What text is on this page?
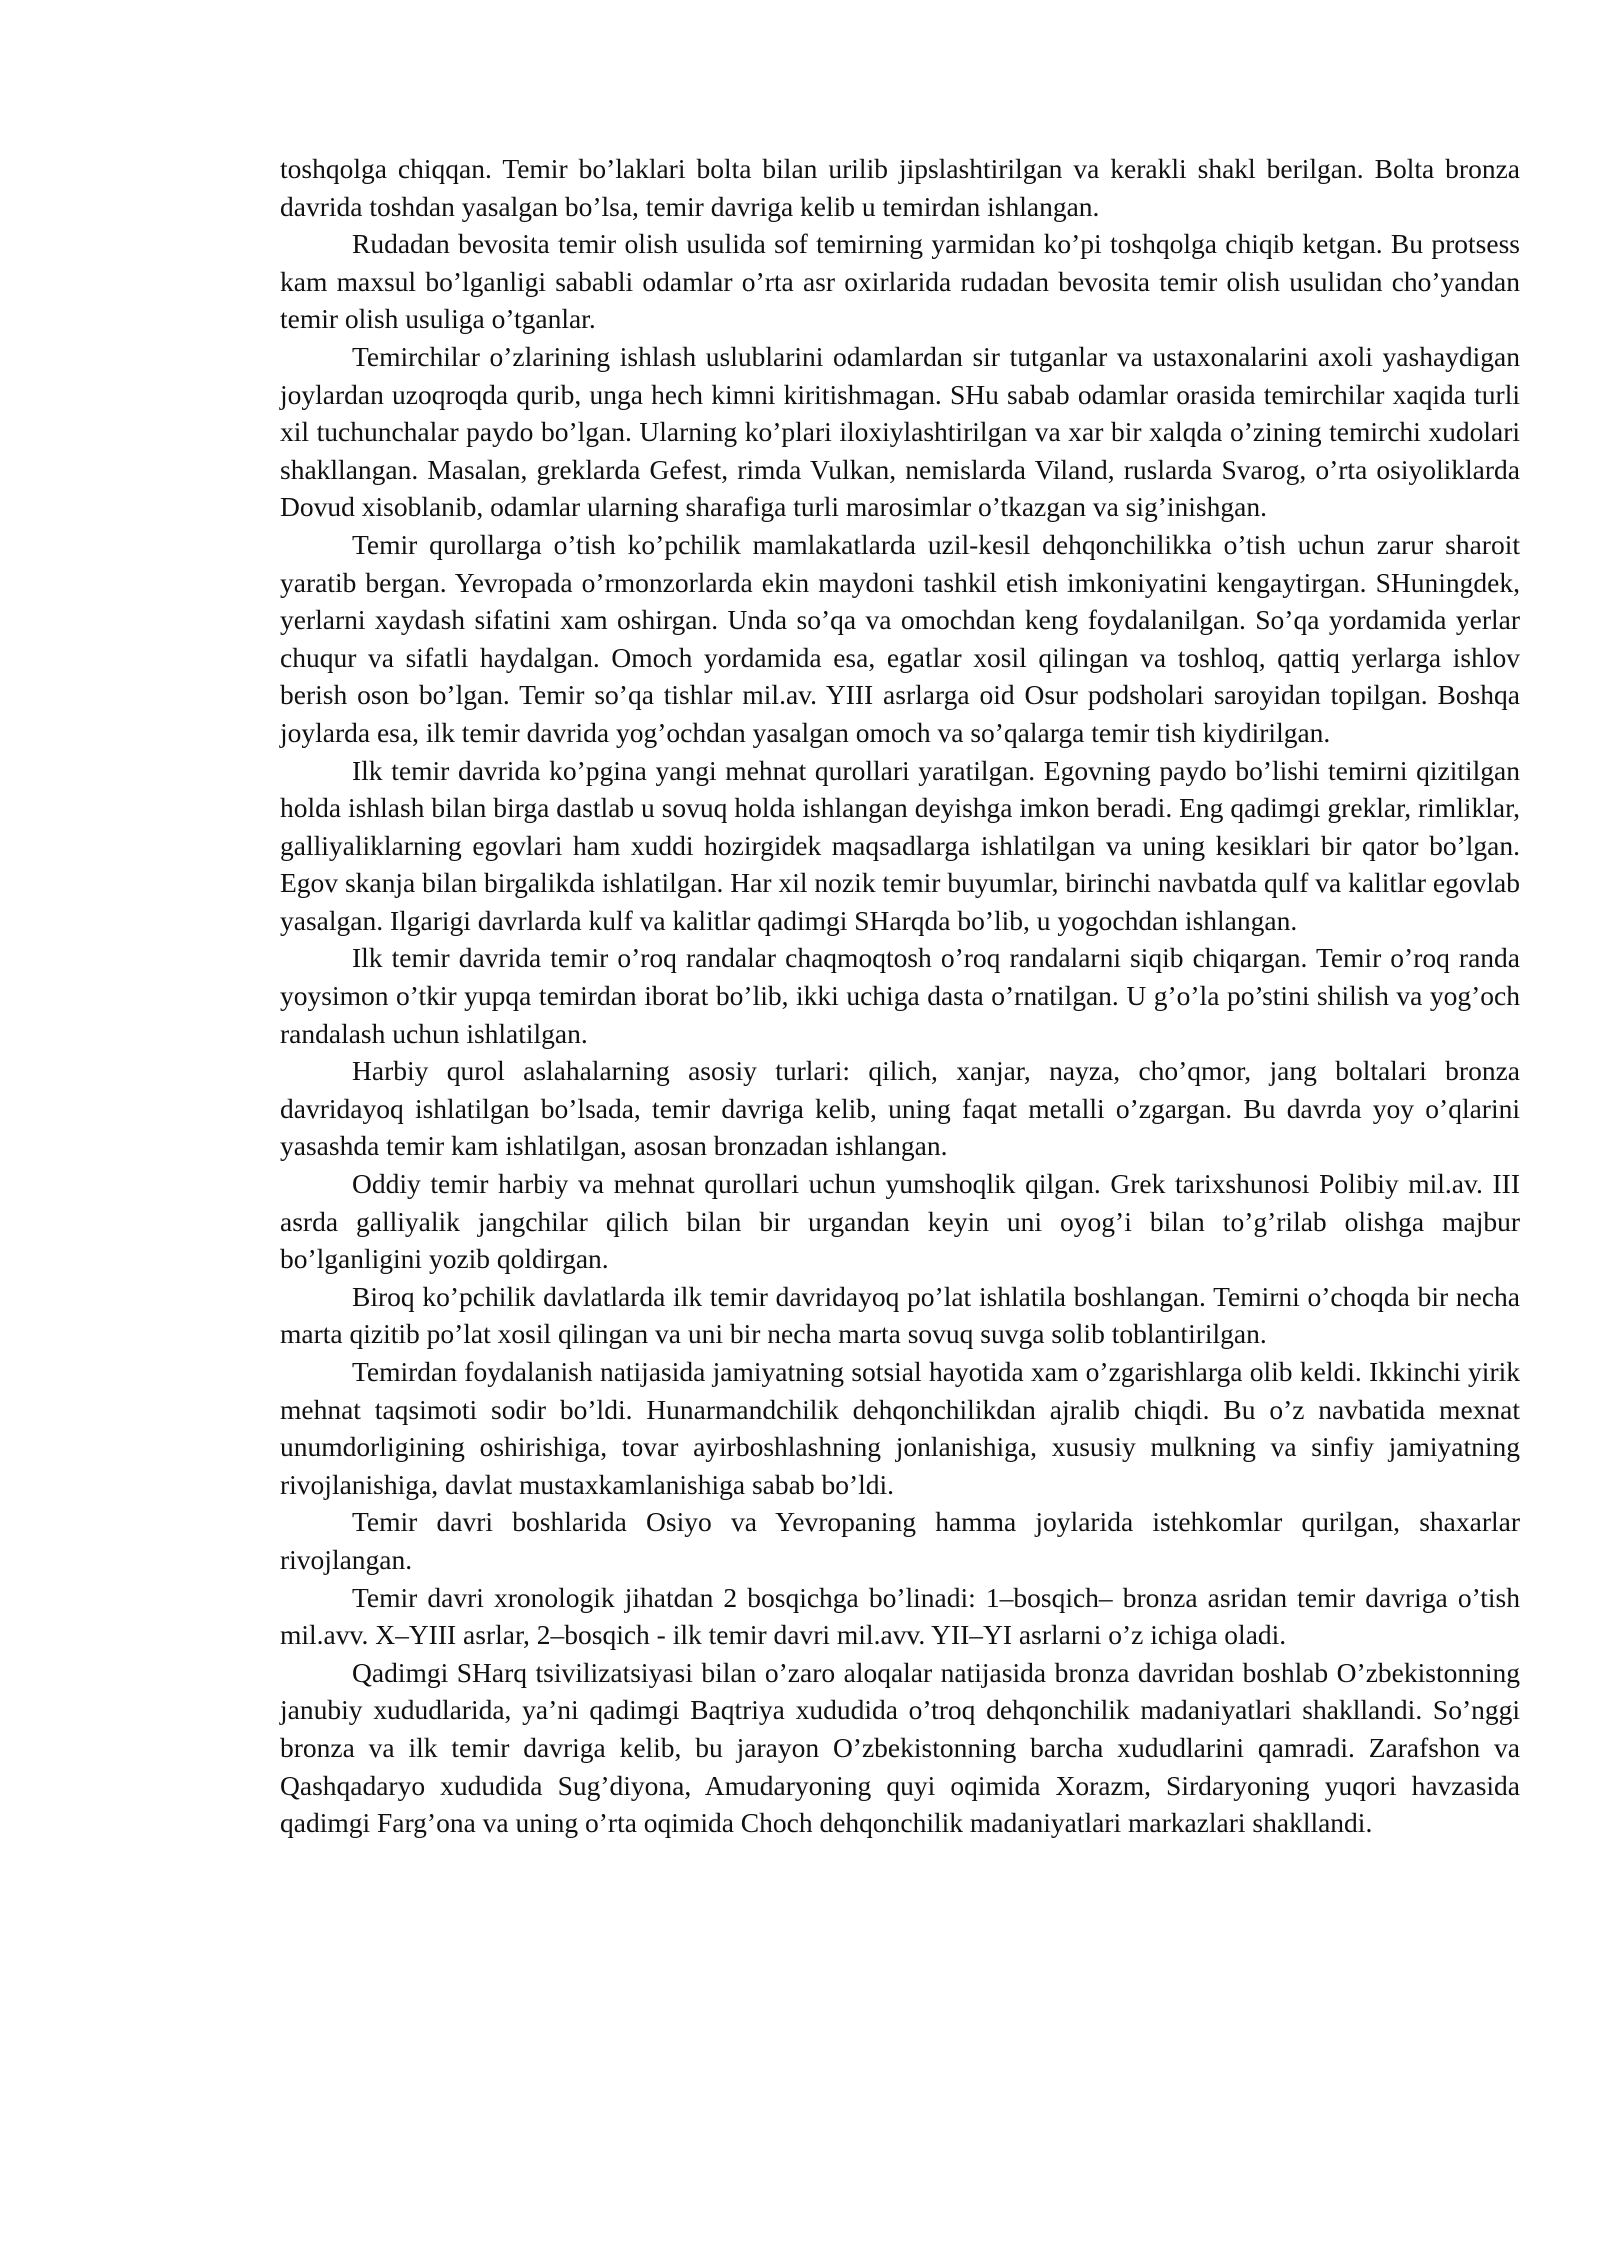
toshqolga chiqqan. Temir bo’laklari bolta bilan urilib jipslashtirilgan va kerakli shakl berilgan. Bolta bronza davrida toshdan yasalgan bo’lsa, temir davriga kelib u temirdan ishlangan.

Rudadan bevosita temir olish usulida sof temirning yarmidan ko’pi toshqolga chiqib ketgan. Bu protsess kam maxsul bo’lganligi sababli odamlar o’rta asr oxirlarida rudadan bevosita temir olish usulidan cho’yandan temir olish usuliga o’tganlar.

Temirchilar o’zlarining ishlash uslublarini odamlardan sir tutganlar va ustaxonalarini axoli yashaydigan joylardan uzoqroqda qurib, unga hech kimni kiritishmagan. SHu sabab odamlar orasida temirchilar xaqida turli xil tuchunchalar paydo bo’lgan. Ularning ko’plari iloxiylashtirilgan va xar bir xalqda o’zining temirchi xudolari shakllangan. Masalan, greklarda Gefest, rimda Vulkan, nemislarda Viland, ruslarda Svarog, o’rta osiyoliklarda Dovud xisoblanib, odamlar ularning sharafiga turli marosimlar o’tkazgan va sig’inishgan.

Temir qurollarga o’tish ko’pchilik mamlakatlarda uzil-kesil dehqonchilikka o’tish uchun zarur sharoit yaratib bergan. Yevropada o’rmonzorlarda ekin maydoni tashkil etish imkoniyatini kengaytirgan. SHuningdek, yerlarni xaydash sifatini xam oshirgan. Unda so’qa va omochdan keng foydalanilgan. So’qa yordamida yerlar chuqur va sifatli haydalgan. Omoch yordamida esa, egatlar xosil qilingan va toshloq, qattiq yerlarga ishlov berish oson bo’lgan. Temir so’qa tishlar mil.av. YIII asrlarga oid Osur podsholari saroyidan topilgan. Boshqa joylarda esa, ilk temir davrida yog’ochdan yasalgan omoch va so’qalarga temir tish kiydirilgan.

Ilk temir davrida ko’pgina yangi mehnat qurollari yaratilgan. Egovning paydo bo’lishi temirni qizitilgan holda ishlash bilan birga dastlab u sovuq holda ishlangan deyishga imkon beradi. Eng qadimgi greklar, rimliklar, galliyaliklarning egovlari ham xuddi hozirgidek maqsadlarga ishlatilgan va uning kesiklari bir qator bo’lgan. Egov skanja bilan birgalikda ishlatilgan. Har xil nozik temir buyumlar, birinchi navbatda qulf va kalitlar egovlab yasalgan. Ilgarigi davrlarda kulf va kalitlar qadimgi SHarqda bo’lib, u yogochdan ishlangan.

Ilk temir davrida temir o’roq randalar chaqmoqtosh o’roq randalarni siqib chiqargan. Temir o’roq randa yoysimon o’tkir yupqa temirdan iborat bo’lib, ikki uchiga dasta o’rnatilgan. U g’o’la po’stini shilish va yog’och randalash uchun ishlatilgan.

Harbiy qurol aslahalarning asosiy turlari: qilich, xanjar, nayza, cho’qmor, jang boltalari bronza davridayoq ishlatilgan bo’lsada, temir davriga kelib, uning faqat metalli o’zgargan. Bu davrda yoy o’qlarini yasashda temir kam ishlatilgan, asosan bronzadan ishlangan.

Oddiy temir harbiy va mehnat qurollari uchun yumshoqlik qilgan. Grek tarixshunosi Polibiy mil.av. III asrda galliyalik jangchilar qilich bilan bir urgandan keyin uni oyog’i bilan to’g’rilab olishga majbur bo’lganligini yozib qoldirgan.

Biroq ko’pchilik davlatlarda ilk temir davridayoq po’lat ishlatila boshlangan. Temirni o’choqda bir necha marta qizitib po’lat xosil qilingan va uni bir necha marta sovuq suvga solib toblantirilgan.

Temirdan foydalanish natijasida jamiyatning sotsial hayotida xam o’zgarishlarga olib keldi. Ikkinchi yirik mehnat taqsimoti sodir bo’ldi. Hunarmandchilik dehqonchilikdan ajralib chiqdi. Bu o’z navbatida mexnat unumdorligining oshirishiga, tovar ayirboshlashning jonlanishiga, xususiy mulkning va sinfiy jamiyatning rivojlanishiga, davlat mustaxkamlanishiga sabab bo’ldi.

Temir davri boshlarida Osiyo va Yevropaning hamma joylarida istehkomlar qurilgan, shaxarlar rivojlangan.

Temir davri xronologik jihatdan 2 bosqichga bo’linadi: 1–bosqich– bronza asridan temir davriga o’tish mil.avv. X–YIII asrlar, 2–bosqich - ilk temir davri mil.avv. YII–YI asrlarni o’z ichiga oladi.

Qadimgi SHarq tsivilizatsiyasi bilan o’zaro aloqalar natijasida bronza davridan boshlab O’zbekistonning janubiy xududlarida, ya’ni qadimgi Baqtriya xududida o’troq dehqonchilik madaniyatlari shakllandi. So’nggi bronza va ilk temir davriga kelib, bu jarayon O’zbekistonning barcha xududlarini qamradi. Zarafshon va Qashqadaryo xududida Sug’diyona, Amudaryoning quyi oqimida Xorazm, Sirdaryoning yuqori havzasida qadimgi Farg’ona va uning o’rta oqimida Choch dehqonchilik madaniyatlari markazlari shakllandi.
